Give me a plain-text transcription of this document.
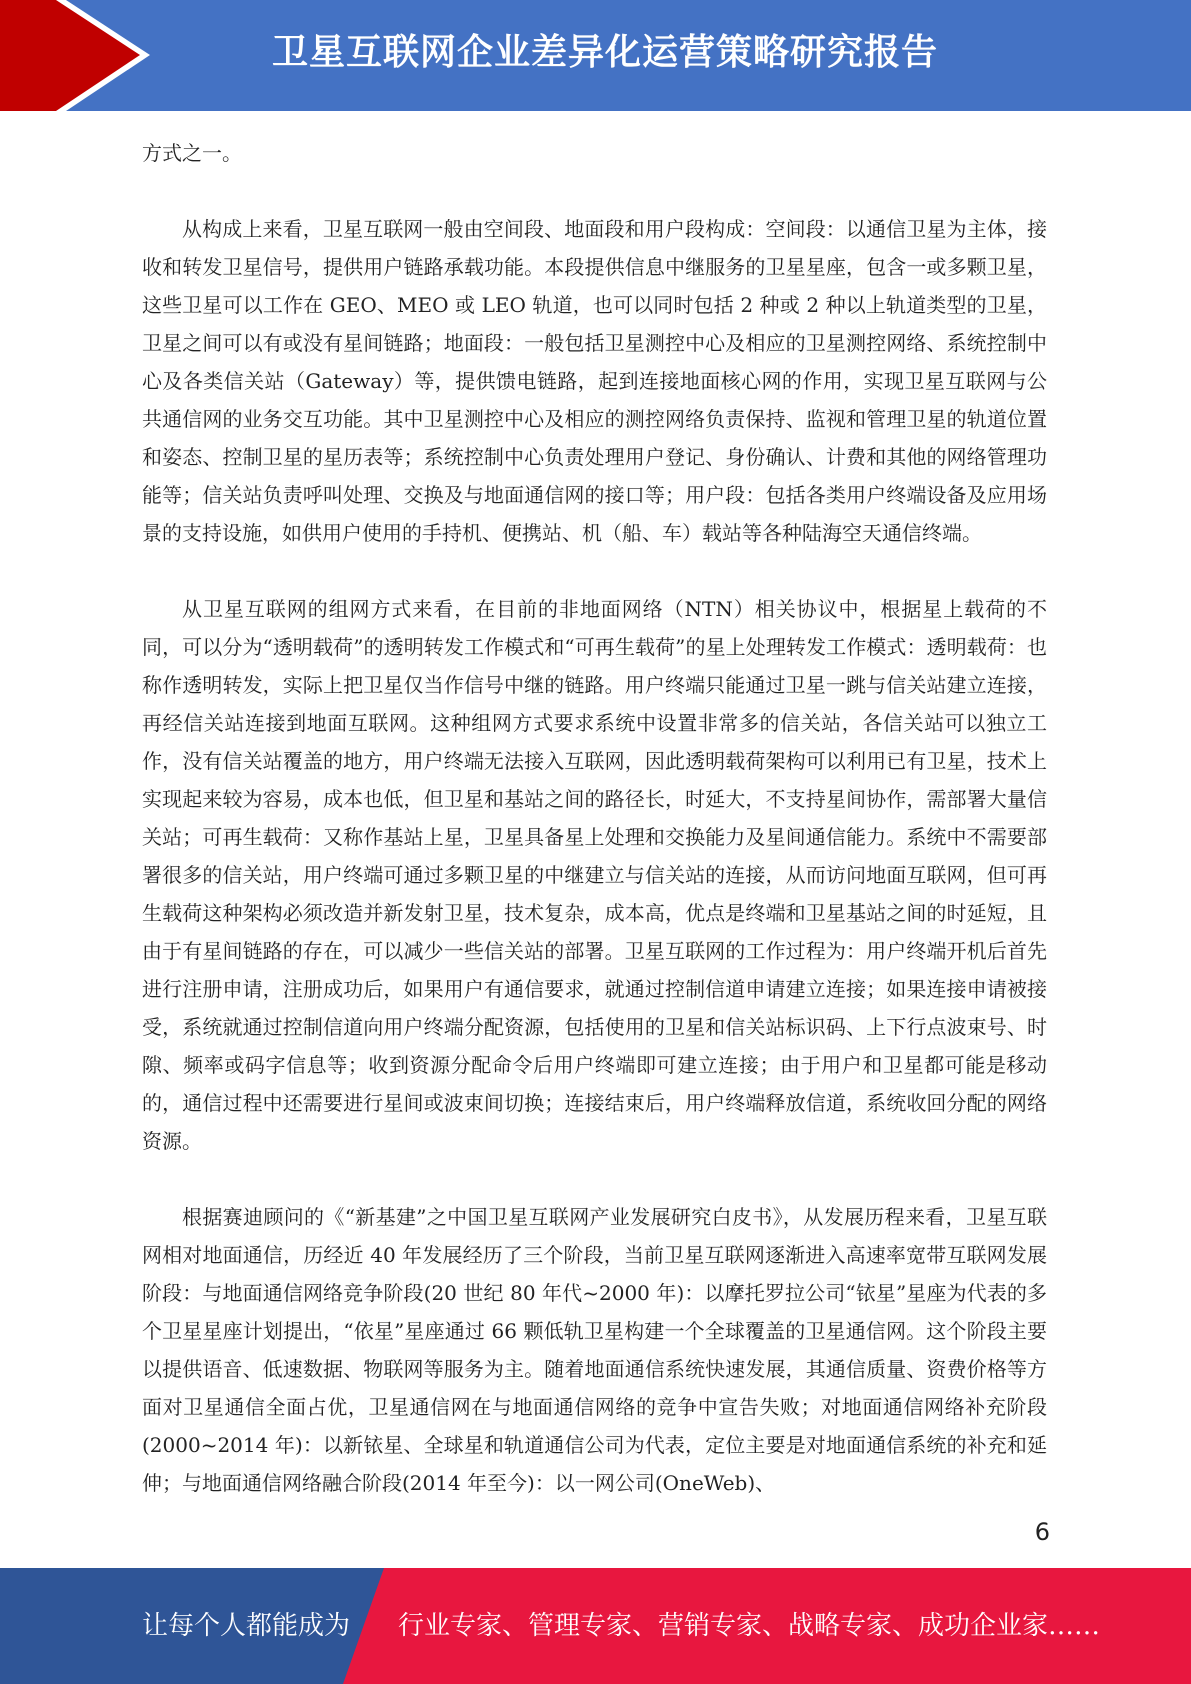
卫星互联网企业差异化运营策略研究报告

方式之一。

从构成上来看，卫星互联网一般由空间段、地面段和用户段构成：空间段：以通信卫星为主体，接收和转发卫星信号，提供用户链路承载功能。本段提供信息中继服务的卫星星座，包含一或多颗卫星，这些卫星可以工作在 GEO、MEO 或 LEO 轨道，也可以同时包括 2 种或 2 种以上轨道类型的卫星，卫星之间可以有或没有星间链路；地面段：一般包括卫星测控中心及相应的卫星测控网络、系统控制中心及各类信关站（Gateway）等，提供馈电链路，起到连接地面核心网的作用，实现卫星互联网与公共通信网的业务交互功能。其中卫星测控中心及相应的测控网络负责保持、监视和管理卫星的轨道位置和姿态、控制卫星的星历表等；系统控制中心负责处理用户登记、身份确认、计费和其他的网络管理功能等；信关站负责呼叫处理、交换及与地面通信网的接口等；用户段：包括各类用户终端设备及应用场景的支持设施，如供用户使用的手持机、便携站、机（船、车）载站等各种陆海空天通信终端。

从卫星互联网的组网方式来看，在目前的非地面网络（NTN）相关协议中，根据星上载荷的不同，可以分为“透明载荷”的透明转发工作模式和“可再生载荷”的星上处理转发工作模式：透明载荷：也称作透明转发，实际上把卫星仅当作信号中继的链路。用户终端只能通过卫星一跳与信关站建立连接，再经信关站连接到地面互联网。这种组网方式要求系统中设置非常多的信关站，各信关站可以独立工作，没有信关站覆盖的地方，用户终端无法接入互联网，因此透明载荷架构可以利用已有卫星，技术上实现起来较为容易，成本也低，但卫星和基站之间的路径长，时延大，不支持星间协作，需部署大量信关站；可再生载荷：又称作基站上星，卫星具备星上处理和交换能力及星间通信能力。系统中不需要部署很多的信关站，用户终端可通过多颗卫星的中继建立与信关站的连接，从而访问地面互联网，但可再生载荷这种架构必须改造并新发射卫星，技术复杂，成本高，优点是终端和卫星基站之间的时延短，且由于有星间链路的存在，可以减少一些信关站的部署。卫星互联网的工作过程为：用户终端开机后首先进行注册申请，注册成功后，如果用户有通信要求，就通过控制信道申请建立连接；如果连接申请被接受，系统就通过控制信道向用户终端分配资源，包括使用的卫星和信关站标识码、上下行点波束号、时隙、频率或码字信息等；收到资源分配命令后用户终端即可建立连接；由于用户和卫星都可能是移动的，通信过程中还需要进行星间或波束间切换；连接结束后，用户终端释放信道，系统收回分配的网络资源。

根据赛迪顾问的《“新基建”之中国卫星互联网产业发展研究白皮书》，从发展历程来看，卫星互联网相对地面通信，历经近 40 年发展经历了三个阶段，当前卫星互联网逐渐进入高速率宽带互联网发展阶段：与地面通信网络竞争阶段(20 世纪 80 年代~2000 年)：以摩托罗拉公司“铱星”星座为代表的多个卫星星座计划提出，“依星”星座通过 66 颗低轨卫星构建一个全球覆盖的卫星通信网。这个阶段主要以提供语音、低速数据、物联网等服务为主。随着地面通信系统快速发展，其通信质量、资费价格等方面对卫星通信全面占优，卫星通信网在与地面通信网络的竞争中宣告失败；对地面通信网络补充阶段(2000~2014 年)：以新铱星、全球星和轨道通信公司为代表，定位主要是对地面通信系统的补充和延伸；与地面通信网络融合阶段(2014 年至今)：以一网公司(OneWeb)、

6
让每个人都能成为 行业专家、管理专家、营销专家、战略专家、成功企业家……
